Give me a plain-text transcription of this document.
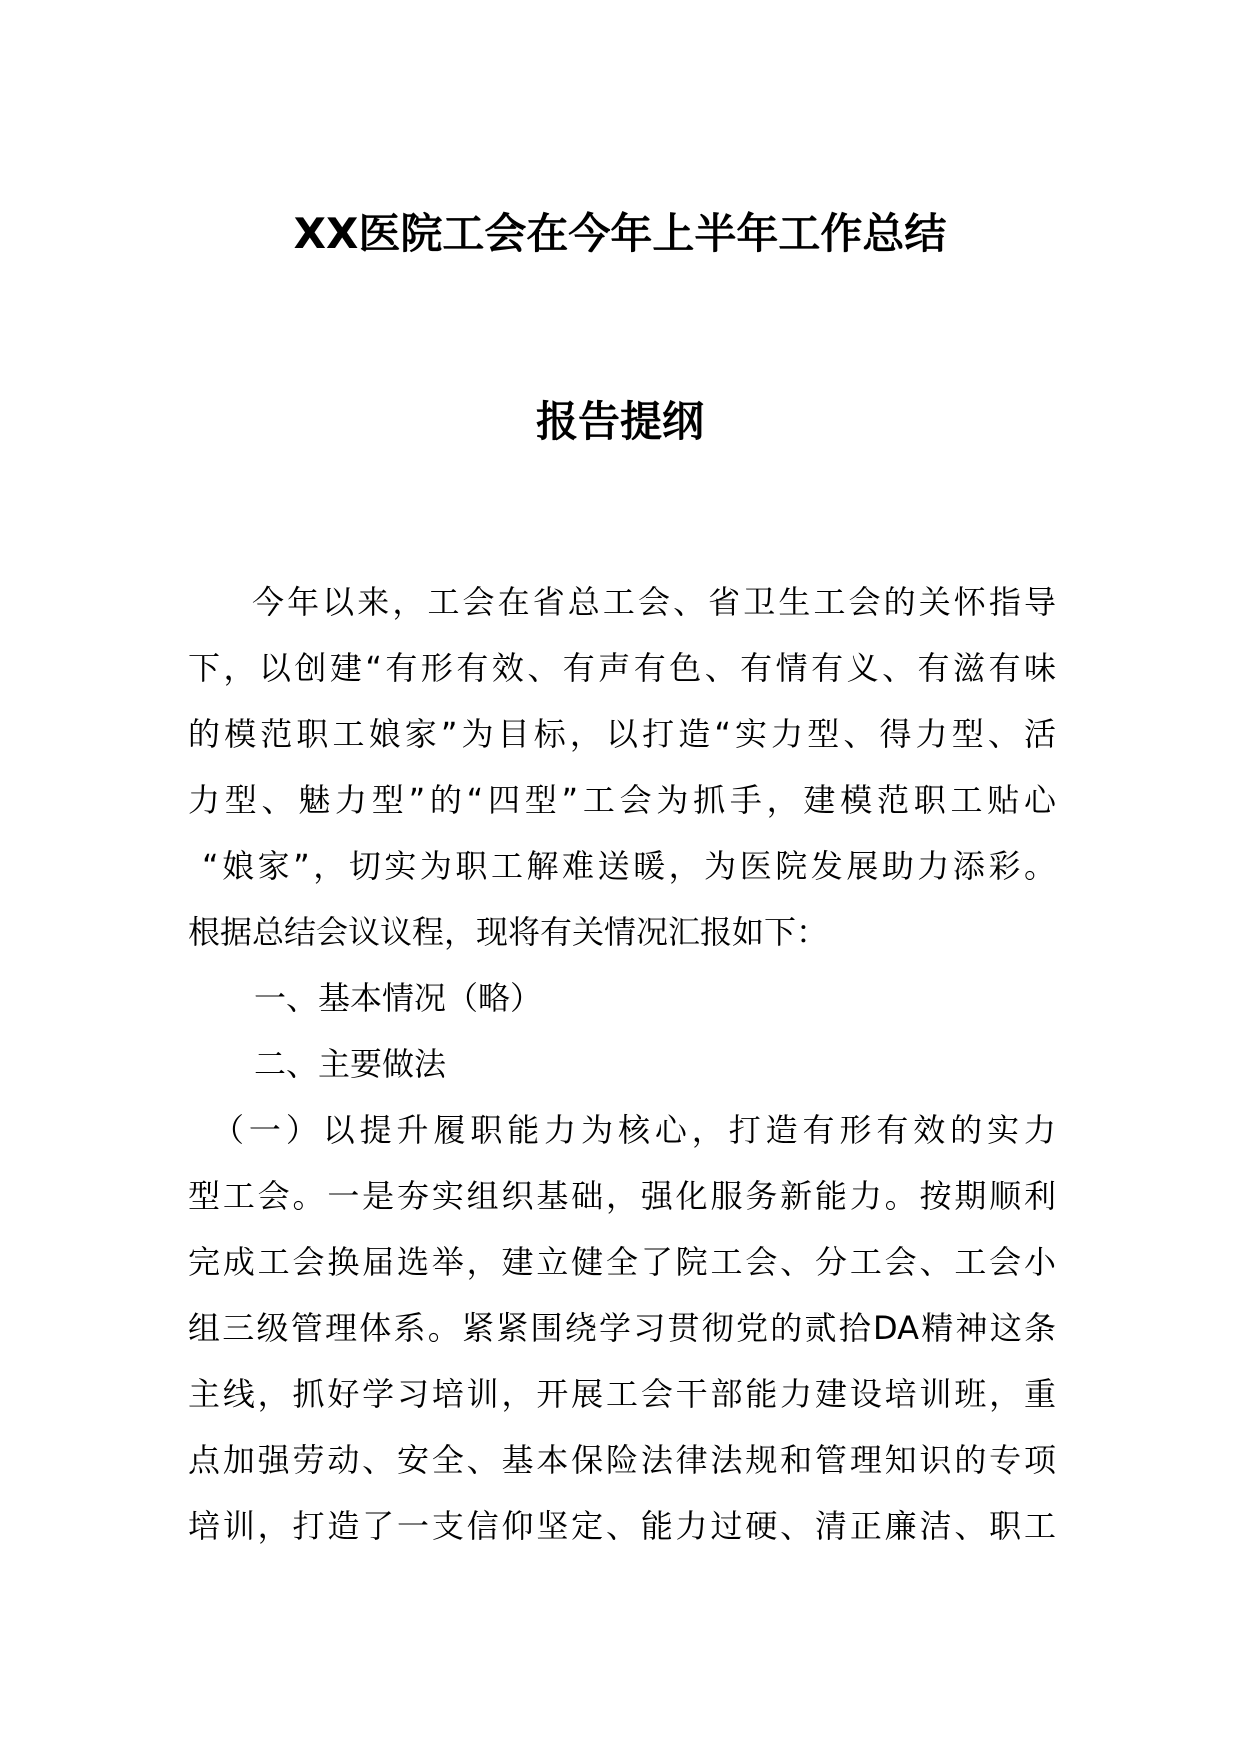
XX医院工会在今年上半年工作总结
报告提纲
今年以来，工会在省总工会、省卫生工会的关怀指导
下，以创建“有形有效、有声有色、有情有义、有滋有味
的模范职工娘家”为目标，以打造“实力型、得力型、活
力型、魅力型”的“四型”工会为抓手，建模范职工贴心
“娘家”，切实为职工解难送暖，为医院发展助力添彩。
根据总结会议议程，现将有关情况汇报如下：
一、基本情况（略）
二、主要做法
（一）以提升履职能力为核心，打造有形有效的实力
型工会。一是夯实组织基础，强化服务新能力。按期顺利
完成工会换届选举，建立健全了院工会、分工会、工会小
组三级管理体系。紧紧围绕学习贯彻党的贰拾DA精神这条
主线，抓好学习培训，开展工会干部能力建设培训班，重
点加强劳动、安全、基本保险法律法规和管理知识的专项
培训，打造了一支信仰坚定、能力过硬、清正廉洁、职工
